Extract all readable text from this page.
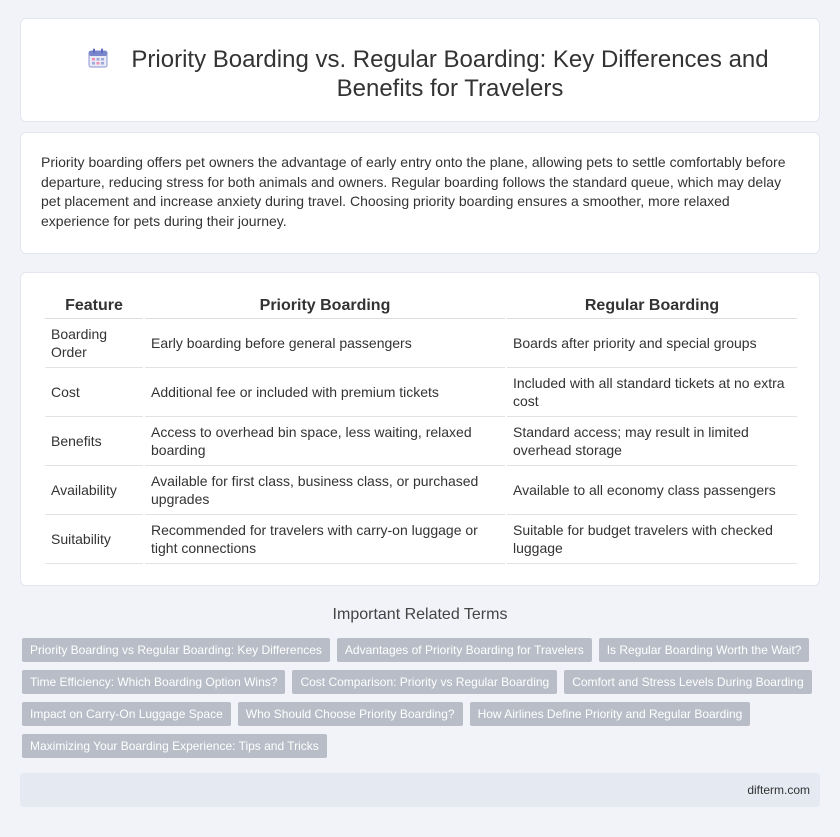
Priority Boarding vs. Regular Boarding: Key Differences and Benefits for Travelers

Priority boarding offers pet owners the advantage of early entry onto the plane, allowing pets to settle comfortably before departure, reducing stress for both animals and owners. Regular boarding follows the standard queue, which may delay pet placement and increase anxiety during travel. Choosing priority boarding ensures a smoother, more relaxed experience for pets during their journey.

Feature	Priority Boarding	Regular Boarding
Boarding Order	Early boarding before general passengers	Boards after priority and special groups
Cost	Additional fee or included with premium tickets	Included with all standard tickets at no extra cost
Benefits	Access to overhead bin space, less waiting, relaxed boarding	Standard access; may result in limited overhead storage
Availability	Available for first class, business class, or purchased upgrades	Available to all economy class passengers
Suitability	Recommended for travelers with carry-on luggage or tight connections	Suitable for budget travelers with checked luggage
Important Related Terms
Priority Boarding vs Regular Boarding: Key Differences	Advantages of Priority Boarding for Travelers	Is Regular Boarding Worth the Wait?
Time Efficiency: Which Boarding Option Wins?	Cost Comparison: Priority vs Regular Boarding	Comfort and Stress Levels During Boarding
Impact on Carry-On Luggage Space	Who Should Choose Priority Boarding?	How Airlines Define Priority and Regular Boarding
Maximizing Your Boarding Experience: Tips and Tricks
difterm.com
